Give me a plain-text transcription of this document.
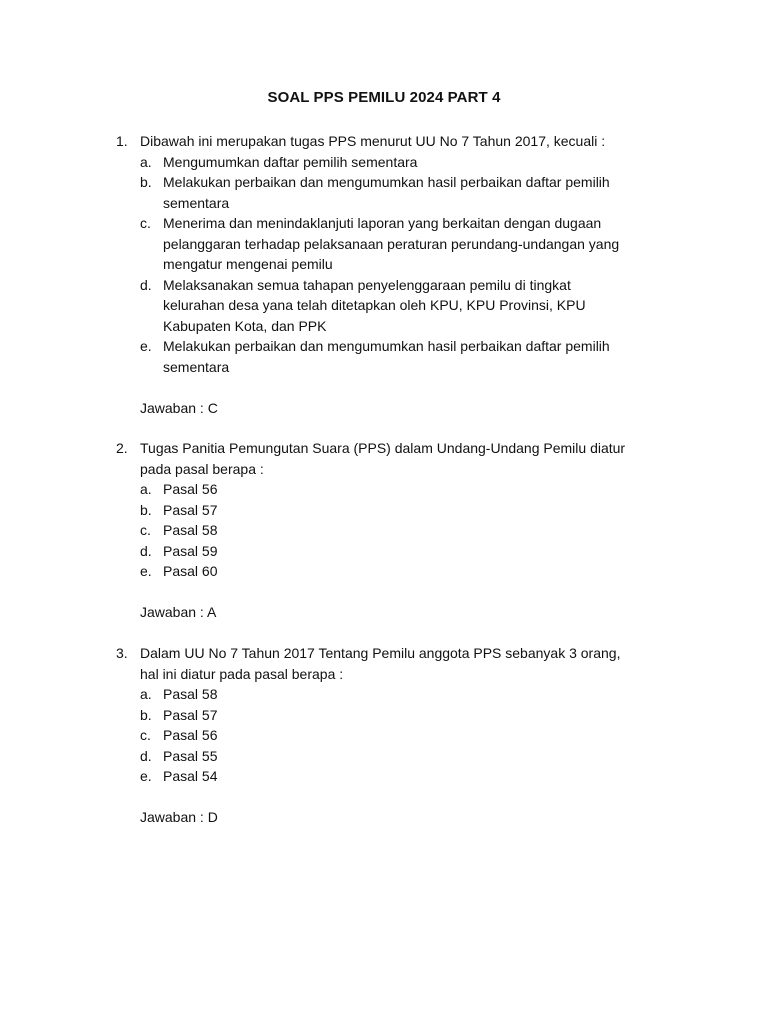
SOAL PPS PEMILU 2024 PART 4
1. Dibawah ini merupakan tugas PPS menurut UU No 7 Tahun 2017, kecuali :
a. Mengumumkan daftar pemilih sementara
b. Melakukan perbaikan dan mengumumkan hasil perbaikan daftar pemilih sementara
c. Menerima dan menindaklanjuti laporan yang berkaitan dengan dugaan pelanggaran terhadap pelaksanaan peraturan perundang-undangan yang mengatur mengenai pemilu
d. Melaksanakan semua tahapan penyelenggaraan pemilu di tingkat kelurahan desa yana telah ditetapkan oleh KPU, KPU Provinsi, KPU Kabupaten Kota, dan PPK
e. Melakukan perbaikan dan mengumumkan hasil perbaikan daftar pemilih sementara
Jawaban : C
2. Tugas Panitia Pemungutan Suara (PPS) dalam Undang-Undang Pemilu diatur pada pasal berapa :
a. Pasal 56
b. Pasal 57
c. Pasal 58
d. Pasal 59
e. Pasal 60
Jawaban : A
3. Dalam UU No 7 Tahun 2017 Tentang Pemilu anggota PPS sebanyak 3 orang, hal ini diatur pada pasal berapa :
a. Pasal 58
b. Pasal 57
c. Pasal 56
d. Pasal 55
e. Pasal 54
Jawaban : D
